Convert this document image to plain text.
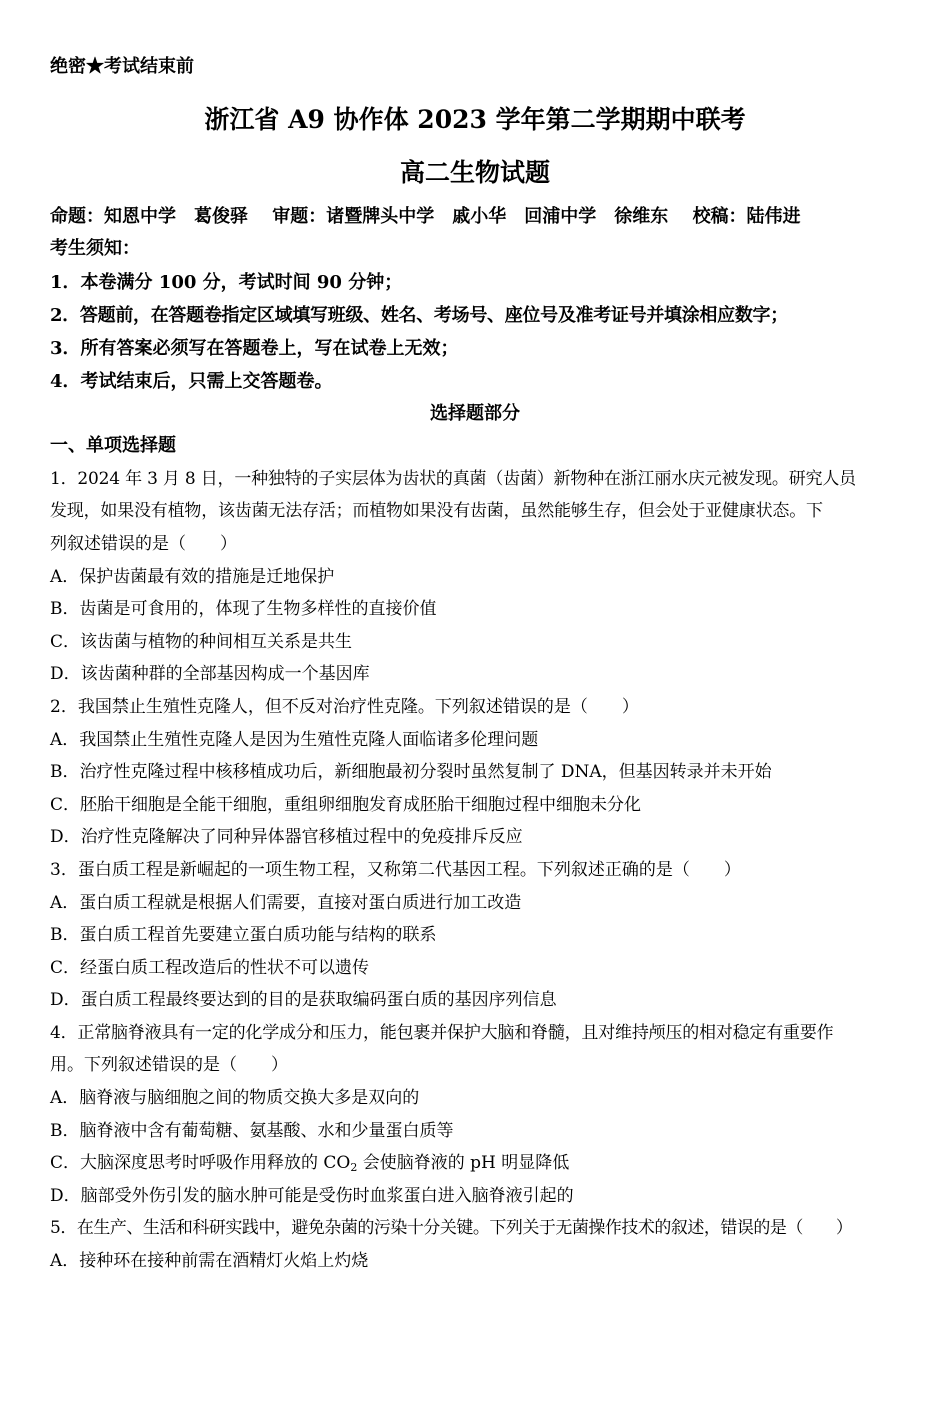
绝密★考试结束前
浙江省 A9 协作体 2023 学年第二学期期中联考
高二生物试题
命题：知恩中学　葛俊驿 审题：诸暨牌头中学　戚小华　回浦中学　徐维东 校稿：陆伟进
考生须知：
1．本卷满分 100 分，考试时间 90 分钟；
2．答题前，在答题卷指定区域填写班级、姓名、考场号、座位号及准考证号并填涂相应数字；
3．所有答案必须写在答题卷上，写在试卷上无效；
4．考试结束后，只需上交答题卷。
选择题部分
一、单项选择题
1．2024 年 3 月 8 日，一种独特的子实层体为齿状的真菌（齿菌）新物种在浙江丽水庆元被发现。研究人员
发现，如果没有植物，该齿菌无法存活；而植物如果没有齿菌，虽然能够生存，但会处于亚健康状态。下
列叙述错误的是（　　）
A．保护齿菌最有效的措施是迁地保护
B．齿菌是可食用的，体现了生物多样性的直接价值
C．该齿菌与植物的种间相互关系是共生
D．该齿菌种群的全部基因构成一个基因库
2．我国禁止生殖性克隆人，但不反对治疗性克隆。下列叙述错误的是（　　）
A．我国禁止生殖性克隆人是因为生殖性克隆人面临诸多伦理问题
B．治疗性克隆过程中核移植成功后，新细胞最初分裂时虽然复制了 DNA，但基因转录并未开始
C．胚胎干细胞是全能干细胞，重组卵细胞发育成胚胎干细胞过程中细胞未分化
D．治疗性克隆解决了同种异体器官移植过程中的免疫排斥反应
3．蛋白质工程是新崛起的一项生物工程，又称第二代基因工程。下列叙述正确的是（　　）
A．蛋白质工程就是根据人们需要，直接对蛋白质进行加工改造
B．蛋白质工程首先要建立蛋白质功能与结构的联系
C．经蛋白质工程改造后的性状不可以遗传
D．蛋白质工程最终要达到的目的是获取编码蛋白质的基因序列信息
4．正常脑脊液具有一定的化学成分和压力，能包裹并保护大脑和脊髓，且对维持颅压的相对稳定有重要作
用。下列叙述错误的是（　　）
A．脑脊液与脑细胞之间的物质交换大多是双向的
B．脑脊液中含有葡萄糖、氨基酸、水和少量蛋白质等
C．大脑深度思考时呼吸作用释放的 $CO_2$ 会使脑脊液的 pH 明显降低
D．脑部受外伤引发的脑水肿可能是受伤时血浆蛋白进入脑脊液引起的
5．在生产、生活和科研实践中，避免杂菌的污染十分关键。下列关于无菌操作技术的叙述，错误的是（　　）
A．接种环在接种前需在酒精灯火焰上灼烧
